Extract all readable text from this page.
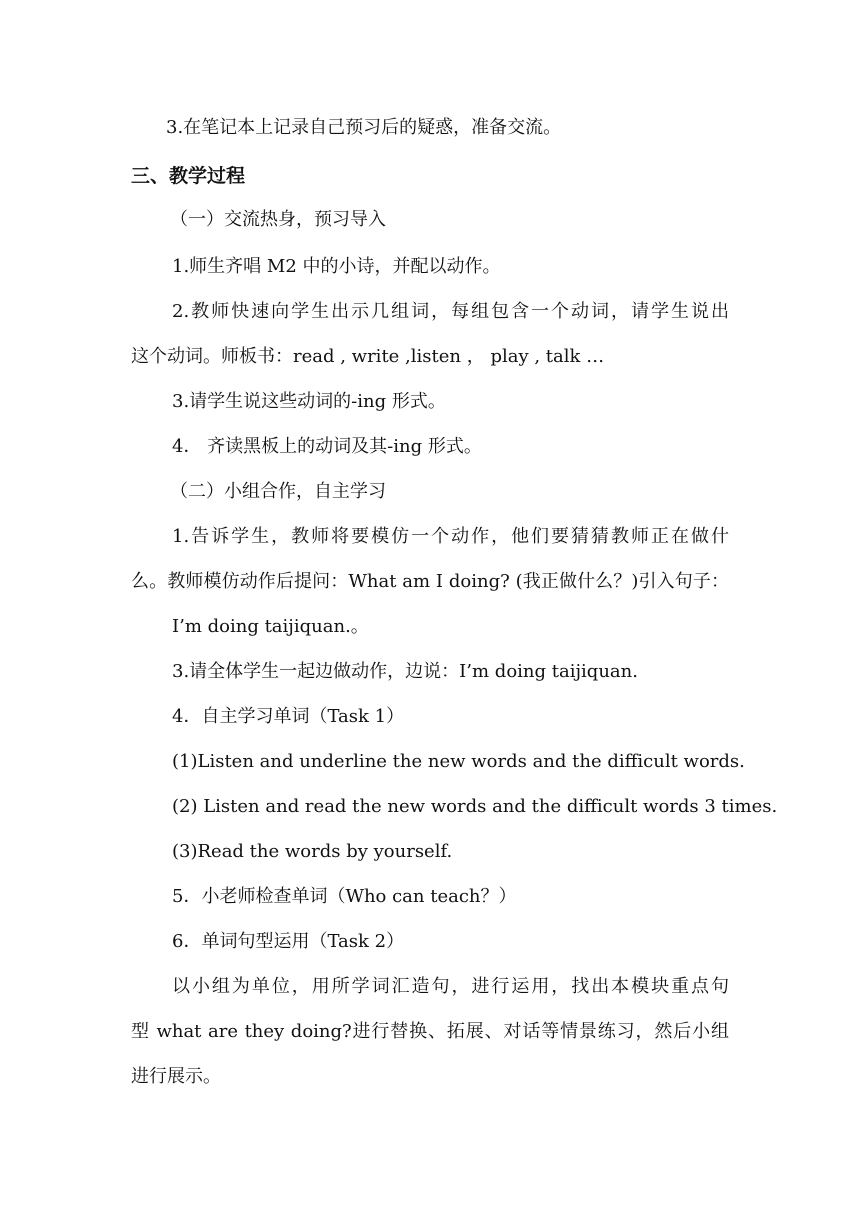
3.在笔记本上记录自己预习后的疑惑，准备交流。
三、教学过程
（一）交流热身，预习导入
1.师生齐唱 M2 中的小诗，并配以动作。
2.教师快速向学生出示几组词，每组包含一个动词，请学生说出
这个动词。师板书：read , write ,listen ， play , talk …
3.请学生说这些动词的-ing 形式。
4． 齐读黑板上的动词及其-ing 形式。
（二）小组合作，自主学习
1.告诉学生，教师将要模仿一个动作，他们要猜猜教师正在做什
么。教师模仿动作后提问：What am I doing? (我正做什么？)引入句子：
I’m doing taijiquan.。
3.请全体学生一起边做动作，边说：I’m doing taijiquan.
4．自主学习单词（Task 1）
(1)Listen and underline the new words and the difficult words.
(2) Listen and read the new words and the difficult words 3 times.
(3)Read the words by yourself.
5．小老师检查单词（Who can teach？）
6．单词句型运用（Task 2）
以小组为单位，用所学词汇造句，进行运用，找出本模块重点句
型 what are they doing?进行替换、拓展、对话等情景练习，然后小组
进行展示。
